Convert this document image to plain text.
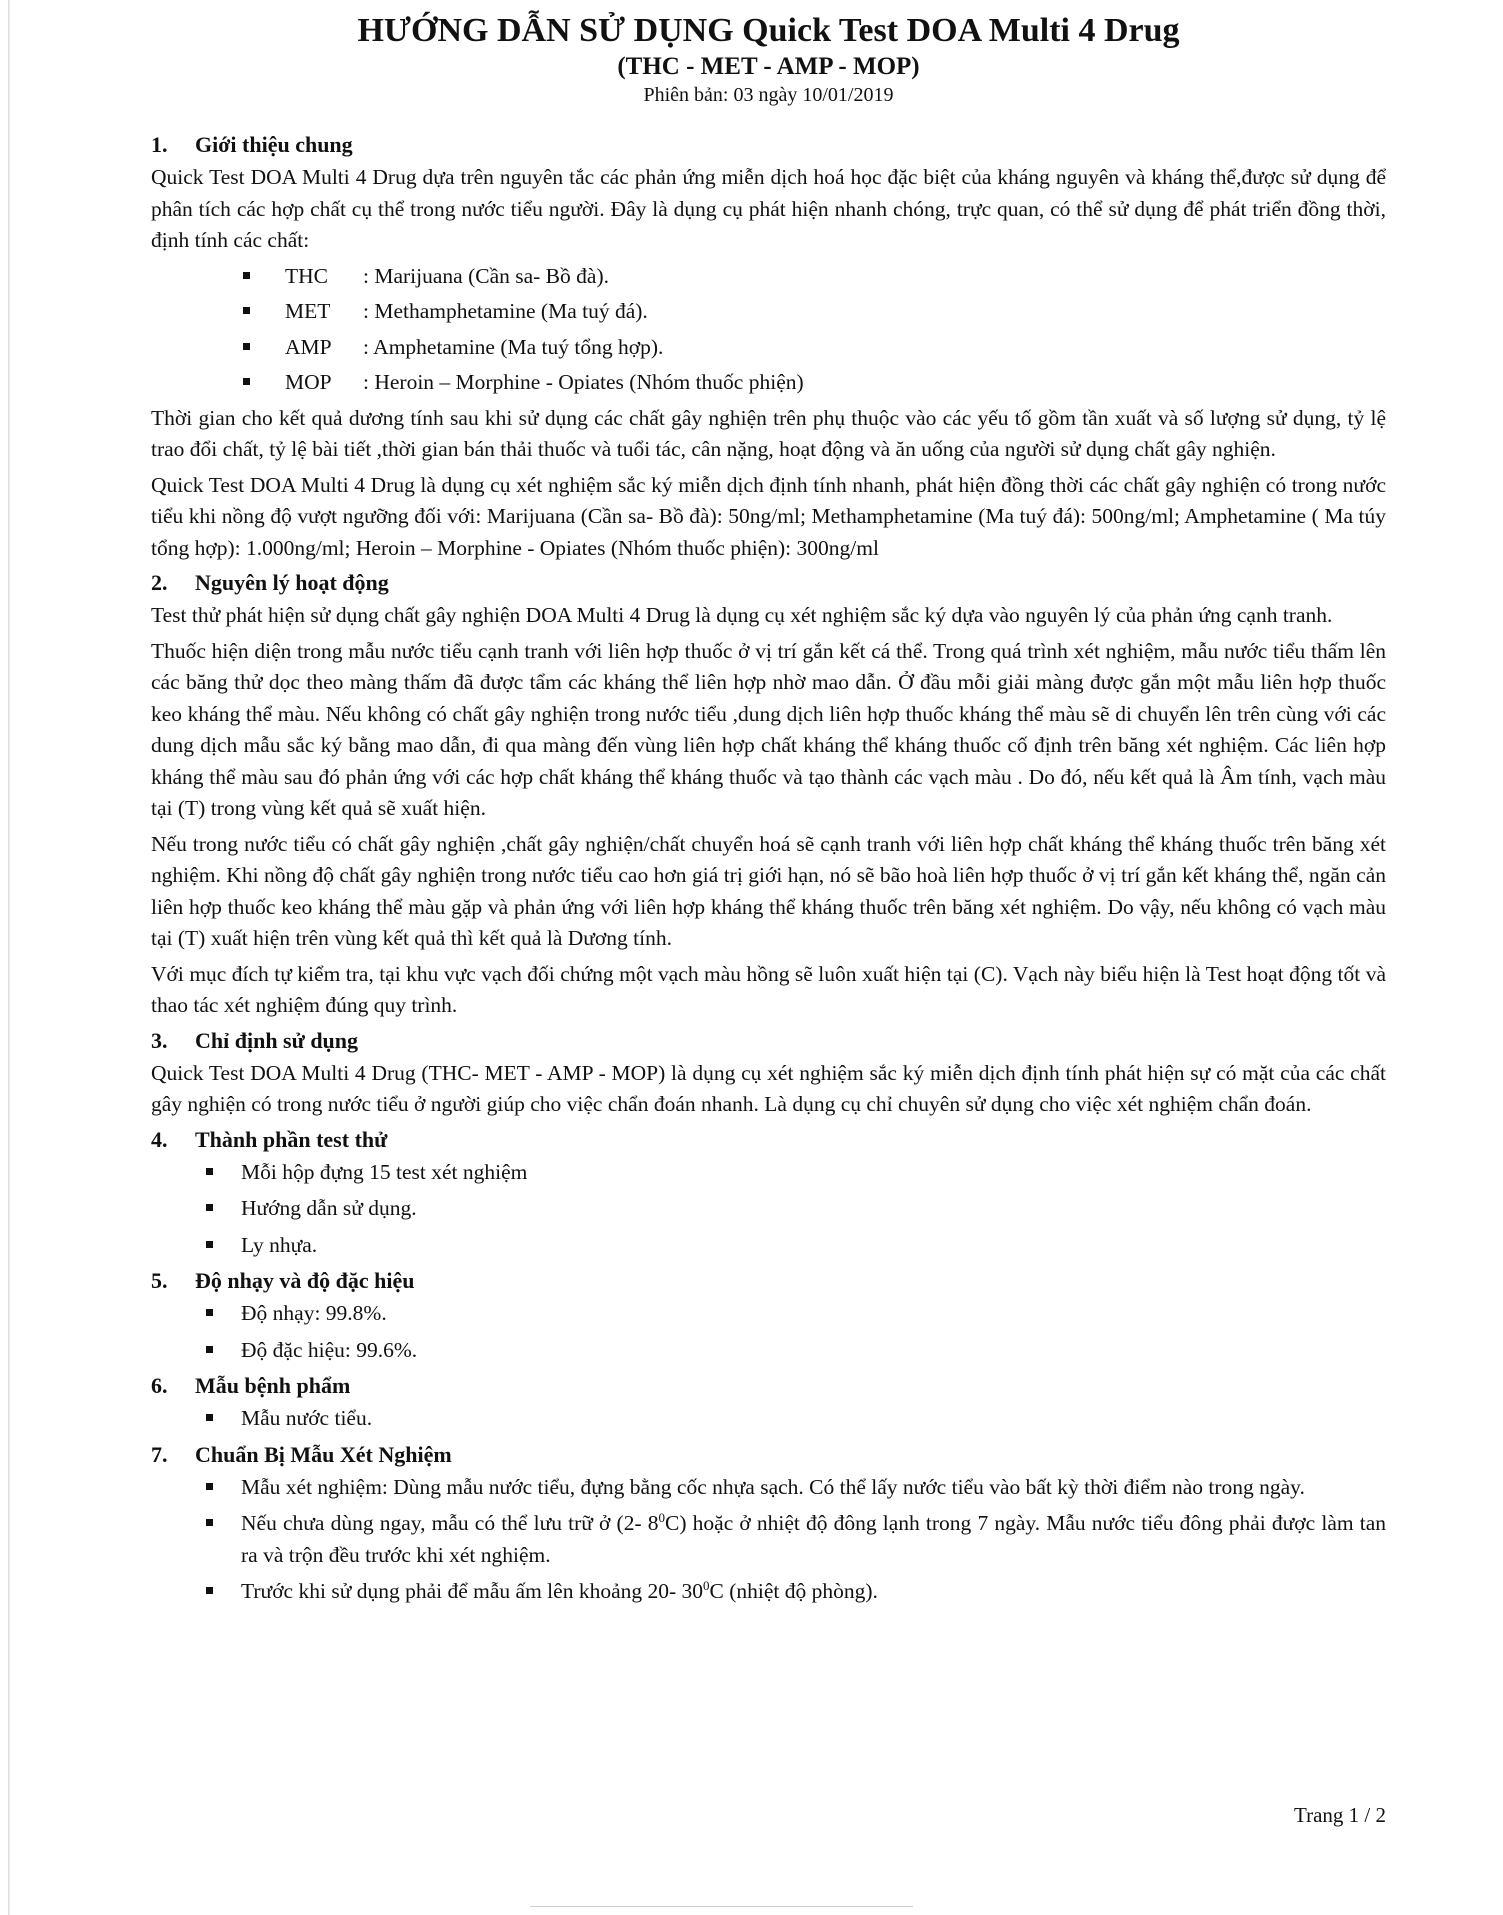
HƯỚNG DẪN SỬ DỤNG Quick Test DOA Multi 4 Drug
(THC - MET - AMP - MOP)
Phiên bản: 03 ngày 10/01/2019
1.	Giới thiệu chung

Quick Test DOA Multi 4 Drug dựa trên nguyên tắc các phản ứng miễn dịch hoá học đặc biệt của kháng nguyên và kháng thể,được sử dụng để phân tích các hợp chất cụ thể trong nước tiểu người. Đây là dụng cụ phát hiện nhanh chóng, trực quan, có thể sử dụng để phát triển đồng thời, định tính các chất:

THC : Marijuana (Cần sa- Bồ đà).
MET : Methamphetamine (Ma tuý đá).
AMP : Amphetamine (Ma tuý tổng hợp).
MOP : Heroin – Morphine - Opiates (Nhóm thuốc phiện)

Thời gian cho kết quả dương tính sau khi sử dụng các chất gây nghiện trên phụ thuộc vào các yếu tố gồm tần xuất và số lượng sử dụng, tỷ lệ trao đổi chất, tỷ lệ bài tiết ,thời gian bán thải thuốc và tuổi tác, cân nặng, hoạt động và ăn uống của người sử dụng chất gây nghiện.

Quick Test DOA Multi 4 Drug là dụng cụ xét nghiệm sắc ký miễn dịch định tính nhanh, phát hiện đồng thời các chất gây nghiện có trong nước tiểu khi nồng độ vượt ngưỡng đối với: Marijuana (Cần sa- Bồ đà): 50ng/ml; Methamphetamine (Ma tuý đá): 500ng/ml; Amphetamine ( Ma túy tổng hợp): 1.000ng/ml; Heroin – Morphine - Opiates (Nhóm thuốc phiện): 300ng/ml

2.	Nguyên lý hoạt động

Test thử phát hiện sử dụng chất gây nghiện DOA Multi 4 Drug là dụng cụ xét nghiệm sắc ký dựa vào nguyên lý của phản ứng cạnh tranh.

Thuốc hiện diện trong mẫu nước tiểu cạnh tranh với liên hợp thuốc ở vị trí gắn kết cá thể. Trong quá trình xét nghiệm, mẫu nước tiểu thấm lên các băng thử dọc theo màng thấm đã được tẩm các kháng thể liên hợp nhờ mao dẫn. Ở đầu mỗi giải màng được gắn một mẫu liên hợp thuốc keo kháng thể màu. Nếu không có chất gây nghiện trong nước tiểu ,dung dịch liên hợp thuốc kháng thể màu sẽ di chuyển lên trên cùng với các dung dịch mẫu sắc ký bằng mao dẫn, đi qua màng đến vùng liên hợp chất kháng thể kháng thuốc cố định trên băng xét nghiệm. Các liên hợp kháng thể màu sau đó phản ứng với các hợp chất kháng thể kháng thuốc và tạo thành các vạch màu . Do đó, nếu kết quả là Âm tính, vạch màu tại (T) trong vùng kết quả sẽ xuất hiện.

Nếu trong nước tiểu có chất gây nghiện ,chất gây nghiện/chất chuyển hoá sẽ cạnh tranh với liên hợp chất kháng thể kháng thuốc trên băng xét nghiệm. Khi nồng độ chất gây nghiện trong nước tiểu cao hơn giá trị giới hạn, nó sẽ bão hoà liên hợp thuốc ở vị trí gắn kết kháng thể, ngăn cản liên hợp thuốc keo kháng thể màu gặp và phản ứng với liên hợp kháng thể kháng thuốc trên băng xét nghiệm. Do vậy, nếu không có vạch màu tại (T) xuất hiện trên vùng kết quả thì kết quả là Dương tính.

Với mục đích tự kiểm tra, tại khu vực vạch đối chứng một vạch màu hồng sẽ luôn xuất hiện tại (C). Vạch này biểu hiện là Test hoạt động tốt và thao tác xét nghiệm đúng quy trình.

3.	Chỉ định sử dụng

Quick Test DOA Multi 4 Drug (THC- MET - AMP - MOP) là dụng cụ xét nghiệm sắc ký miễn dịch định tính phát hiện sự có mặt của các chất gây nghiện có trong nước tiểu ở người giúp cho việc chẩn đoán nhanh. Là dụng cụ chỉ chuyên sử dụng cho việc xét nghiệm chẩn đoán.

4.	Thành phần test thử
Mỗi hộp đựng 15 test xét nghiệm
Hướng dẫn sử dụng.
Ly nhựa.
5.	Độ nhạy và độ đặc hiệu
Độ nhạy: 99.8%.
Độ đặc hiệu: 99.6%.
6.	Mẫu bệnh phẩm
Mẫu nước tiểu.
7.	Chuẩn Bị Mẫu Xét Nghiệm
Mẫu xét nghiệm: Dùng mẫu nước tiểu, đựng bằng cốc nhựa sạch. Có thể lấy nước tiểu vào bất kỳ thời điểm nào trong ngày.
Nếu chưa dùng ngay, mẫu có thể lưu trữ ở (2- $8^0C$) hoặc ở nhiệt độ đông lạnh trong 7 ngày. Mẫu nước tiểu đông phải được làm tan ra và trộn đều trước khi xét nghiệm.
Trước khi sử dụng phải để mẫu ấm lên khoảng 20- $30^0C$ (nhiệt độ phòng).
Trang 1 / 2
